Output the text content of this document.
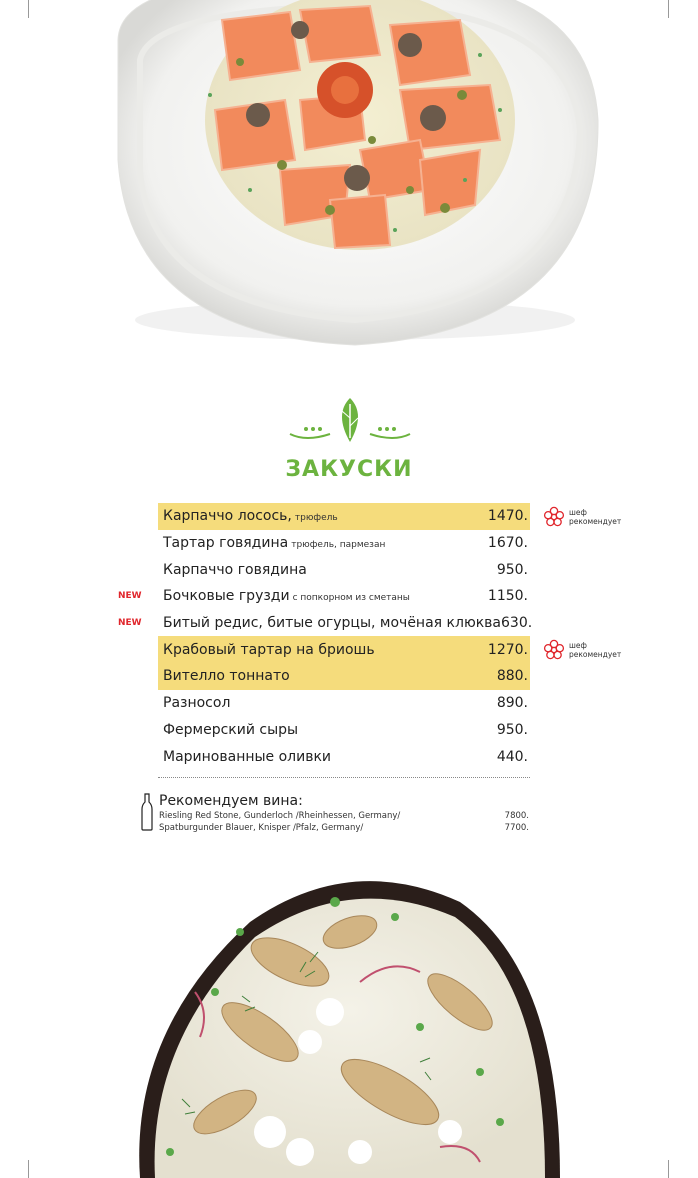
ЗАКУСКИ
Карпаччо лосось, трюфель	1470.	шеф
рекомендует
Тартар говядина трюфель, пармезан	1670.
Карпаччо говядина	950.
NEW Бочковые грузди с попкорном из сметаны	1150.
NEW Битый редис, битые огурцы, мочёная клюква 630.
Крабовый тартар на бриошь	1270.	шеф
рекомендует
Вителло тоннато	880.
Разносол	890.
Фермерский сыры	950.
Маринованные оливки	440.
Рекомендуем вина:
Riesling Red Stone, Gunderloch /Rheinhessen, Germany/	7800.
Spatburgunder Blauer, Knisper /Pfalz, Germany/	7700.
